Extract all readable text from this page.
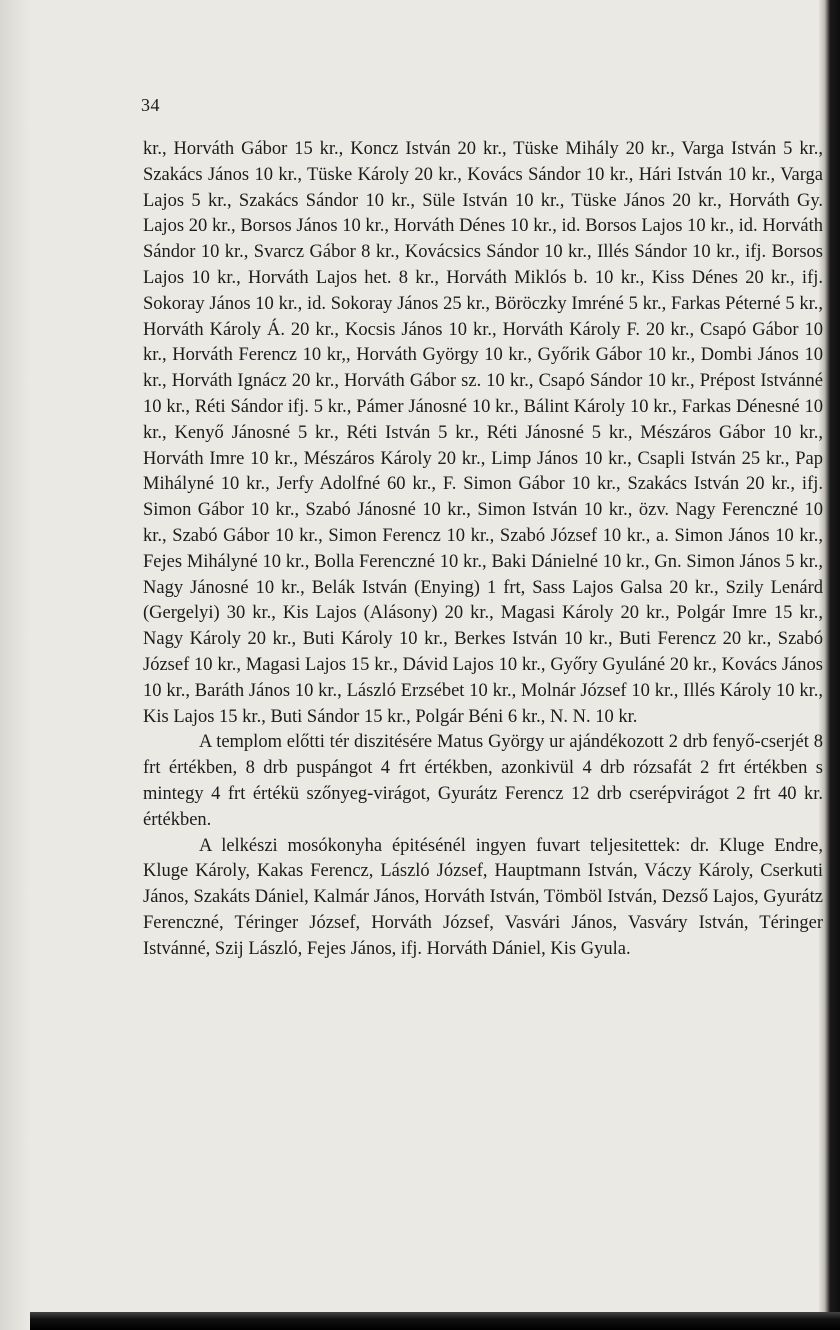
34

kr., Horváth Gábor 15 kr., Koncz István 20 kr., Tüske Mihály 20 kr., Varga István 5 kr., Szakács János 10 kr., Tüske Károly 20 kr., Kovács Sándor 10 kr., Hári István 10 kr., Varga Lajos 5 kr., Szakács Sándor 10 kr., Süle István 10 kr., Tüske János 20 kr., Horváth Gy. Lajos 20 kr., Borsos János 10 kr., Horváth Dénes 10 kr., id. Borsos Lajos 10 kr., id. Horváth Sándor 10 kr., Svarcz Gábor 8 kr., Kovácsics Sándor 10 kr., Illés Sándor 10 kr., ifj. Borsos Lajos 10 kr., Horváth Lajos het. 8 kr., Horváth Miklós b. 10 kr., Kiss Dénes 20 kr., ifj. Sokoray János 10 kr., id. Sokoray János 25 kr., Böröczky Imréné 5 kr., Farkas Péterné 5 kr., Horváth Károly Á. 20 kr., Kocsis János 10 kr., Horváth Károly F. 20 kr., Csapó Gábor 10 kr., Horváth Ferencz 10 kr,, Horváth György 10 kr., Győrik Gábor 10 kr., Dombi János 10 kr., Horváth Ignácz 20 kr., Horváth Gábor sz. 10 kr., Csapó Sándor 10 kr., Prépost Istvánné 10 kr., Réti Sándor ifj. 5 kr., Pámer Jánosné 10 kr., Bálint Károly 10 kr., Farkas Dénesné 10 kr., Kenyő Jánosné 5 kr., Réti István 5 kr., Réti Jánosné 5 kr., Mészáros Gábor 10 kr., Horváth Imre 10 kr., Mészáros Károly 20 kr., Limp János 10 kr., Csapli István 25 kr., Pap Mihályné 10 kr., Jerfy Adolfné 60 kr., F. Simon Gábor 10 kr., Szakács István 20 kr., ifj. Simon Gábor 10 kr., Szabó Jánosné 10 kr., Simon István 10 kr., özv. Nagy Ferenczné 10 kr., Szabó Gábor 10 kr., Simon Ferencz 10 kr., Szabó József 10 kr., a. Simon János 10 kr., Fejes Mihályné 10 kr., Bolla Ferenczné 10 kr., Baki Dánielné 10 kr., Gn. Simon János 5 kr., Nagy Jánosné 10 kr., Belák István (Enying) 1 frt, Sass Lajos Galsa 20 kr., Szily Lenárd (Gergelyi) 30 kr., Kis Lajos (Alásony) 20 kr., Magasi Károly 20 kr., Polgár Imre 15 kr., Nagy Károly 20 kr., Buti Károly 10 kr., Berkes István 10 kr., Buti Ferencz 20 kr., Szabó József 10 kr., Magasi Lajos 15 kr., Dávid Lajos 10 kr., Győry Gyuláné 20 kr., Kovács János 10 kr., Baráth János 10 kr., László Erzsébet 10 kr., Molnár József 10 kr., Illés Károly 10 kr., Kis Lajos 15 kr., Buti Sándor 15 kr., Polgár Béni 6 kr., N. N. 10 kr.

A templom előtti tér diszitésére Matus György ur ajándékozott 2 drb fenyő-cserjét 8 frt értékben, 8 drb puspángot 4 frt értékben, azonkivül 4 drb rózsafát 2 frt értékben s mintegy 4 frt értékü szőnyeg-virágot, Gyurátz Ferencz 12 drb cserépvirágot 2 frt 40 kr. értékben.

A lelkészi mosókonyha épitésénél ingyen fuvart teljesitettek: dr. Kluge Endre, Kluge Károly, Kakas Ferencz, László József, Hauptmann István, Váczy Károly, Cserkuti János, Szakáts Dániel, Kalmár János, Horváth István, Tömböl István, Dezső Lajos, Gyurátz Ferenczné, Téringer József, Horváth József, Vasvári János, Vasváry István, Téringer Istvánné, Szij László, Fejes János, ifj. Horváth Dániel, Kis Gyula.
